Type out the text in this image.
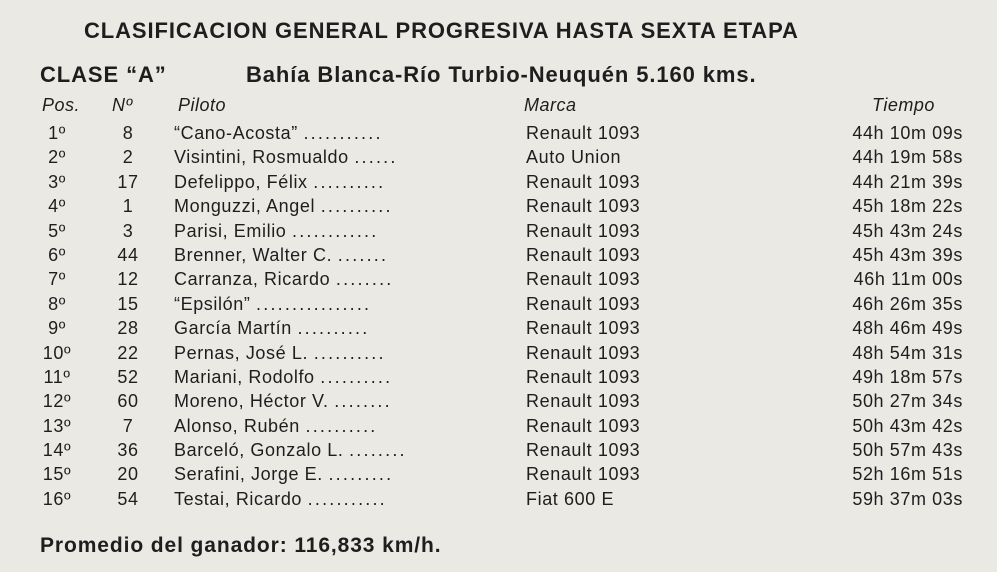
CLASIFICACION GENERAL PROGRESIVA HASTA SEXTA ETAPA
CLASE “A”	Bahía Blanca-Río Turbio-Neuquén 5.160 kms.
Pos. Nº	Piloto	Marca	Tiempo
1º	8	“Cano-Acosta” ...........	Renault 1093	44h 10m 09s
2º	2	Visintini, Rosmualdo ......	Auto Union	44h 19m 58s
3º	17	Defelippo, Félix ..........	Renault 1093	44h 21m 39s
4º	1	Monguzzi, Angel ..........	Renault 1093	45h 18m 22s
5º	3	Parisi, Emilio ............	Renault 1093	45h 43m 24s
6º	44	Brenner, Walter C. .......	Renault 1093	45h 43m 39s
7º	12	Carranza, Ricardo ........	Renault 1093	46h 11m 00s
8º	15	“Epsilón” ................	Renault 1093	46h 26m 35s
9º	28	García Martín ..........	Renault 1093	48h 46m 49s
10º	22	Pernas, José L. ..........	Renault 1093	48h 54m 31s
11º	52	Mariani, Rodolfo ..........	Renault 1093	49h 18m 57s
12º	60	Moreno, Héctor V. ........	Renault 1093	50h 27m 34s
13º	7	Alonso, Rubén ..........	Renault 1093	50h 43m 42s
14º	36	Barceló, Gonzalo L. ........	Renault 1093	50h 57m 43s
15º	20	Serafini, Jorge E. .........	Renault 1093	52h 16m 51s
16º	54	Testai, Ricardo ...........	Fiat 600 E	59h 37m 03s
Promedio del ganador: 116,833 km/h.
